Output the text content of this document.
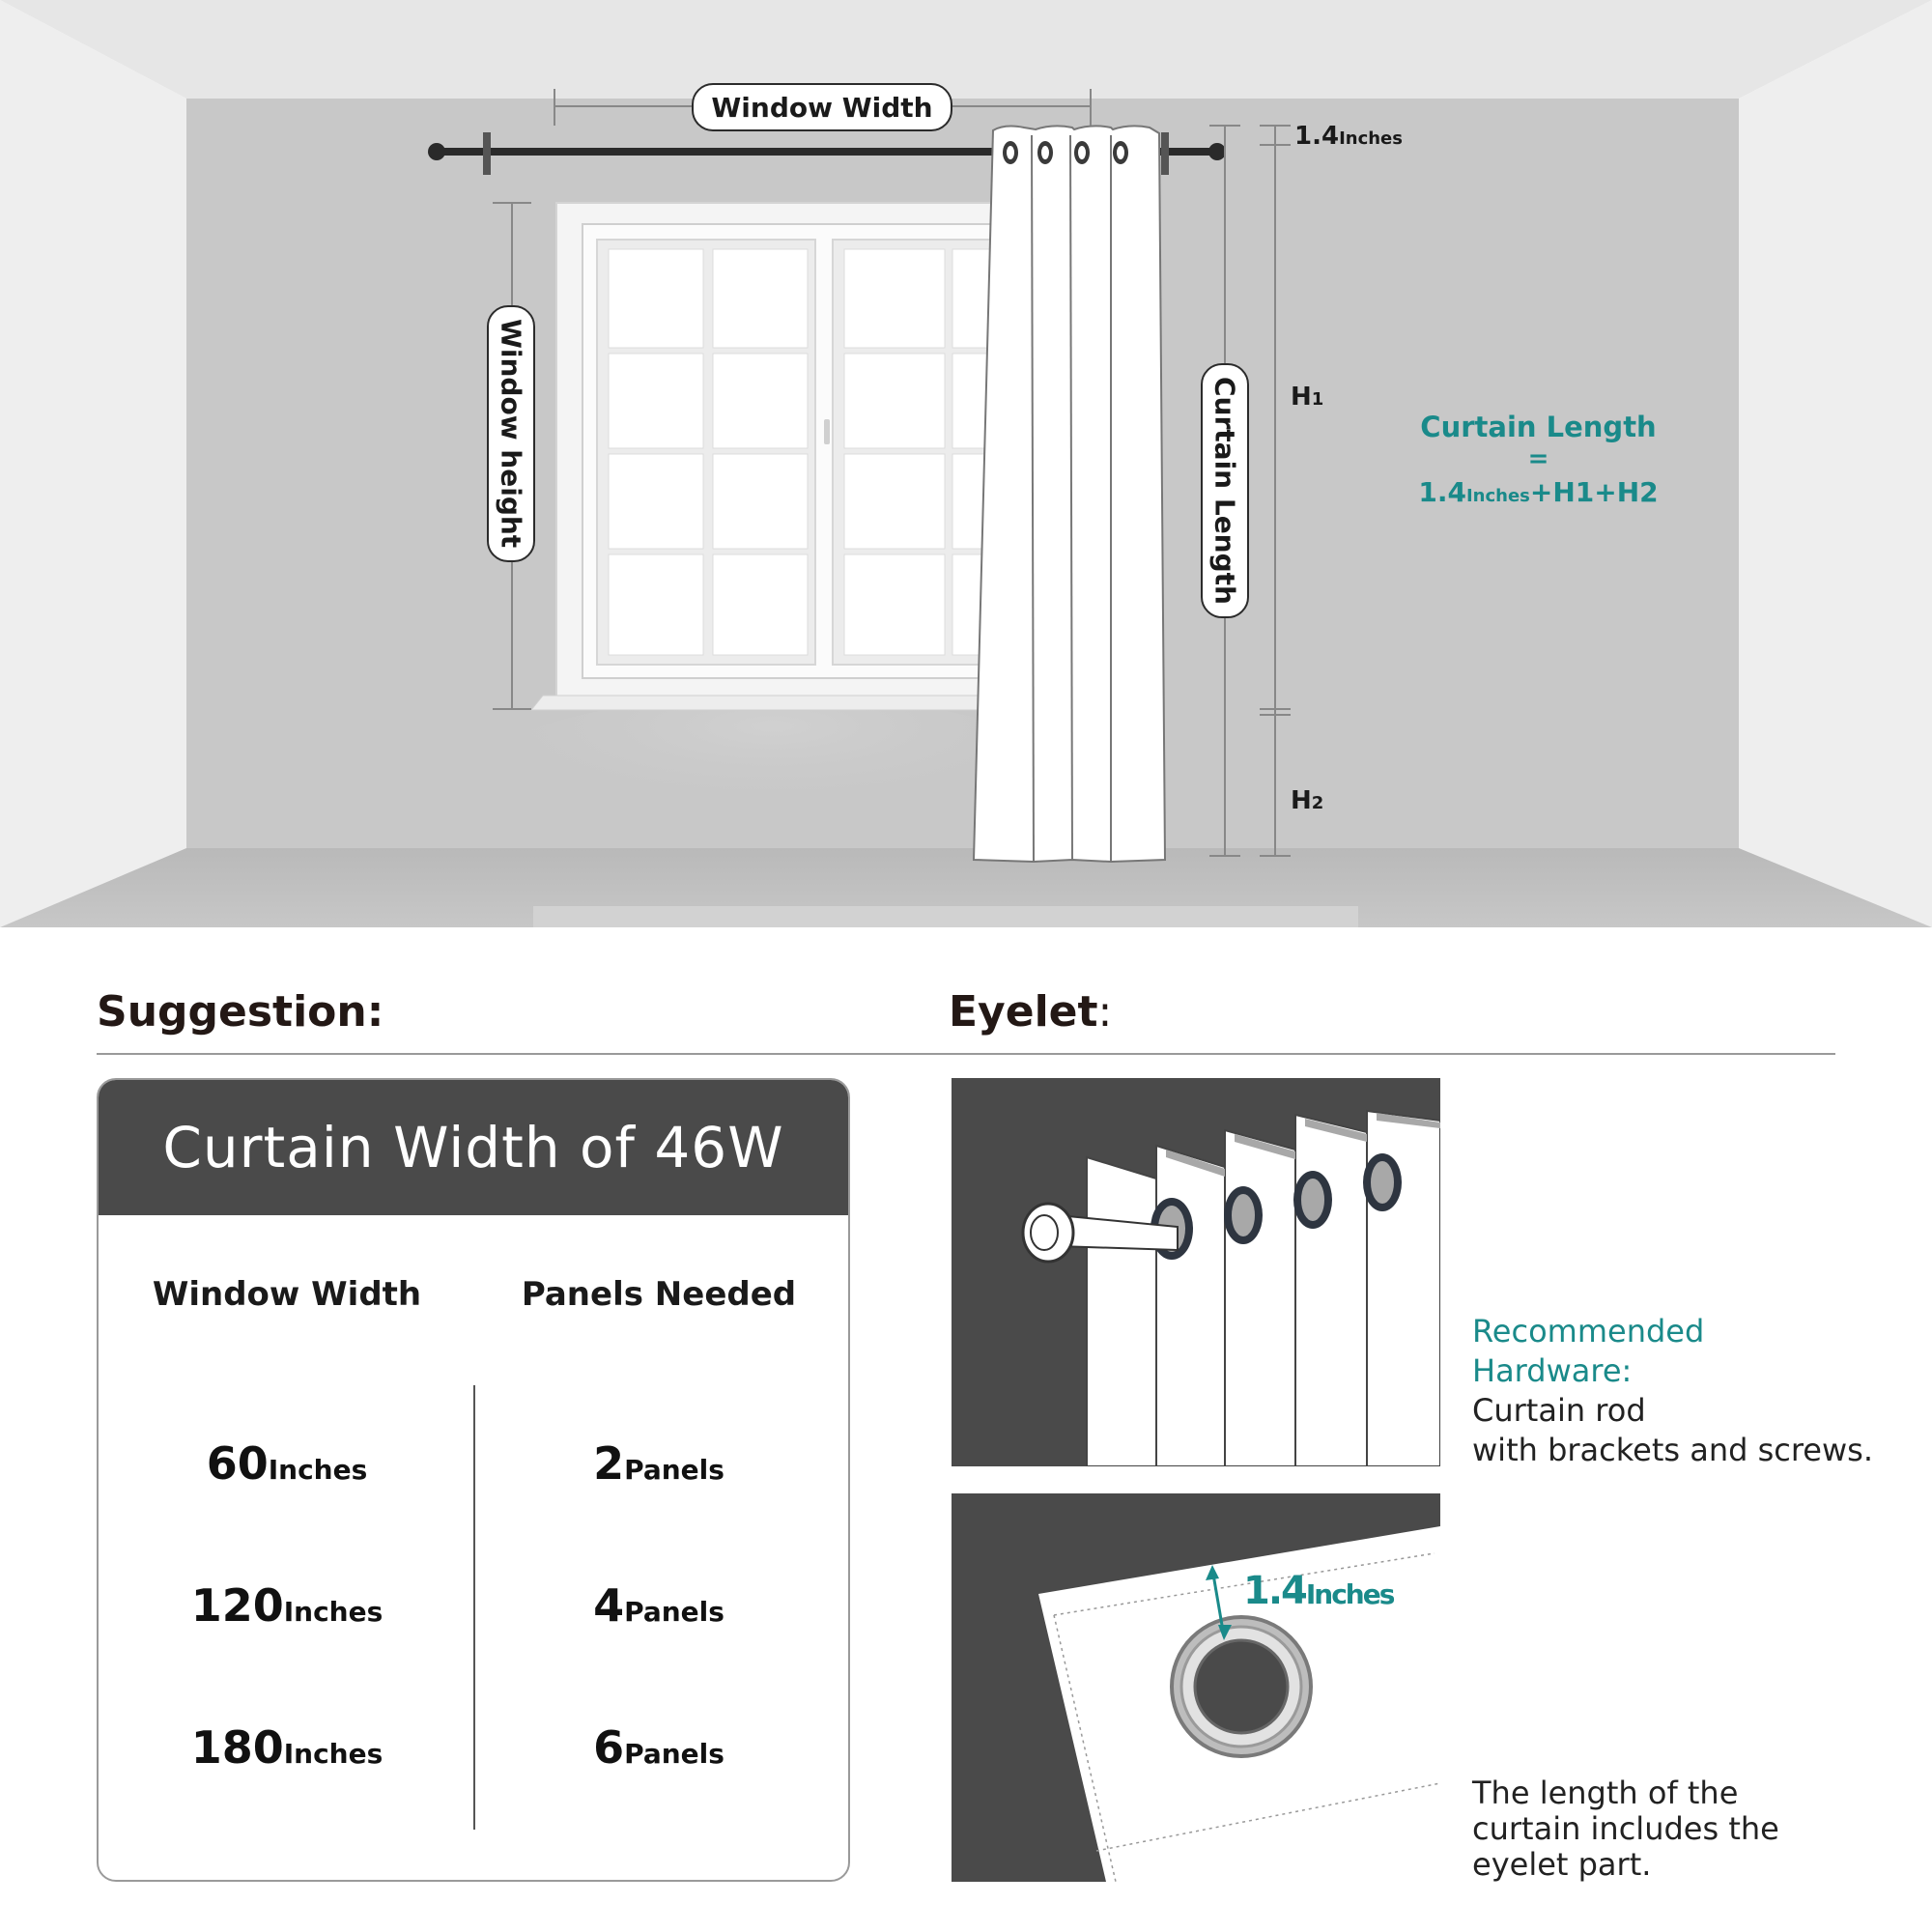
Window Width
Window height	Curtain Length
1.4Inches
H1
H2
Curtain Length
=
1.4Inches+H1+H2
Suggestion:	Eyelet:
Curtain Width of 46W
Window Width	Panels Needed
60Inches	2Panels
120Inches	4Panels
180Inches	6Panels
1.4Inches
Recommended
Hardware:
Curtain rod
with brackets and screws.
The length of the
curtain includes the
eyelet part.
